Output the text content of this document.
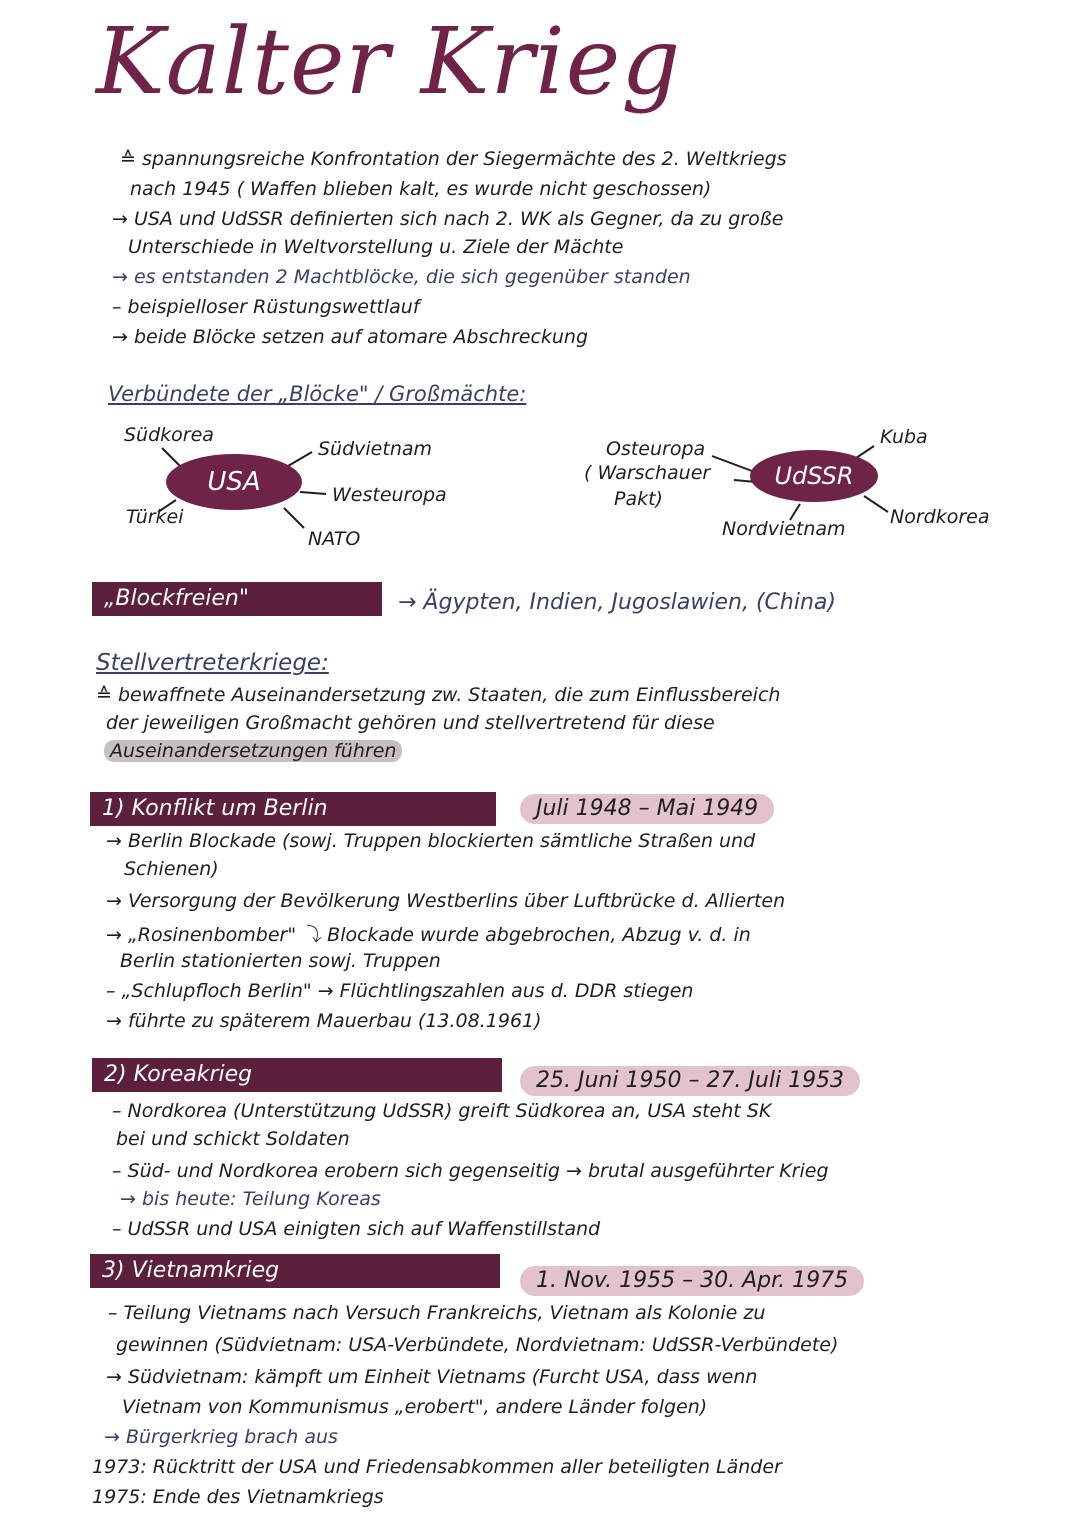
Kalter Krieg
≙ spannungsreiche Konfrontation der Siegermächte des 2. Weltkriegs
nach 1945 ( Waffen blieben kalt, es wurde nicht geschossen)
→ USA und UdSSR definierten sich nach 2. WK als Gegner, da zu große
Unterschiede in Weltvorstellung u. Ziele der Mächte
→ es entstanden 2 Machtblöcke, die sich gegenüber standen
– beispielloser Rüstungswettlauf
→ beide Blöcke setzen auf atomare Abschreckung
Verbündete der „Blöcke" / Großmächte:
USA
Südkorea
Südvietnam
Westeuropa
NATO
Türkei
UdSSR
Osteuropa
( Warschauer
Pakt)
Kuba
Nordkorea
Nordvietnam
„Blockfreien"	→ Ägypten, Indien, Jugoslawien, (China)
Stellvertreterkriege:
≙ bewaffnete Auseinandersetzung zw. Staaten, die zum Einflussbereich
der jeweiligen Großmacht gehören und stellvertretend für diese
Auseinandersetzungen führen
1) Konflikt um Berlin	Juli 1948 – Mai 1949
→ Berlin Blockade (sowj. Truppen blockierten sämtliche Straßen und
Schienen)
→ Versorgung der Bevölkerung Westberlins über Luftbrücke d. Allierten
→ „Rosinenbomber" ⤵ Blockade wurde abgebrochen, Abzug v. d. in
Berlin stationierten sowj. Truppen
– „Schlupfloch Berlin" → Flüchtlingszahlen aus d. DDR stiegen
→ führte zu späterem Mauerbau (13.08.1961)
2) Koreakrieg	25. Juni 1950 – 27. Juli 1953
– Nordkorea (Unterstützung UdSSR) greift Südkorea an, USA steht SK
bei und schickt Soldaten
– Süd- und Nordkorea erobern sich gegenseitig → brutal ausgeführter Krieg
→ bis heute: Teilung Koreas
– UdSSR und USA einigten sich auf Waffenstillstand
3) Vietnamkrieg	1. Nov. 1955 – 30. Apr. 1975
– Teilung Vietnams nach Versuch Frankreichs, Vietnam als Kolonie zu
gewinnen (Südvietnam: USA-Verbündete, Nordvietnam: UdSSR-Verbündete)
→ Südvietnam: kämpft um Einheit Vietnams (Furcht USA, dass wenn
Vietnam von Kommunismus „erobert", andere Länder folgen)
→ Bürgerkrieg brach aus
1973: Rücktritt der USA und Friedensabkommen aller beteiligten Länder
1975: Ende des Vietnamkriegs
